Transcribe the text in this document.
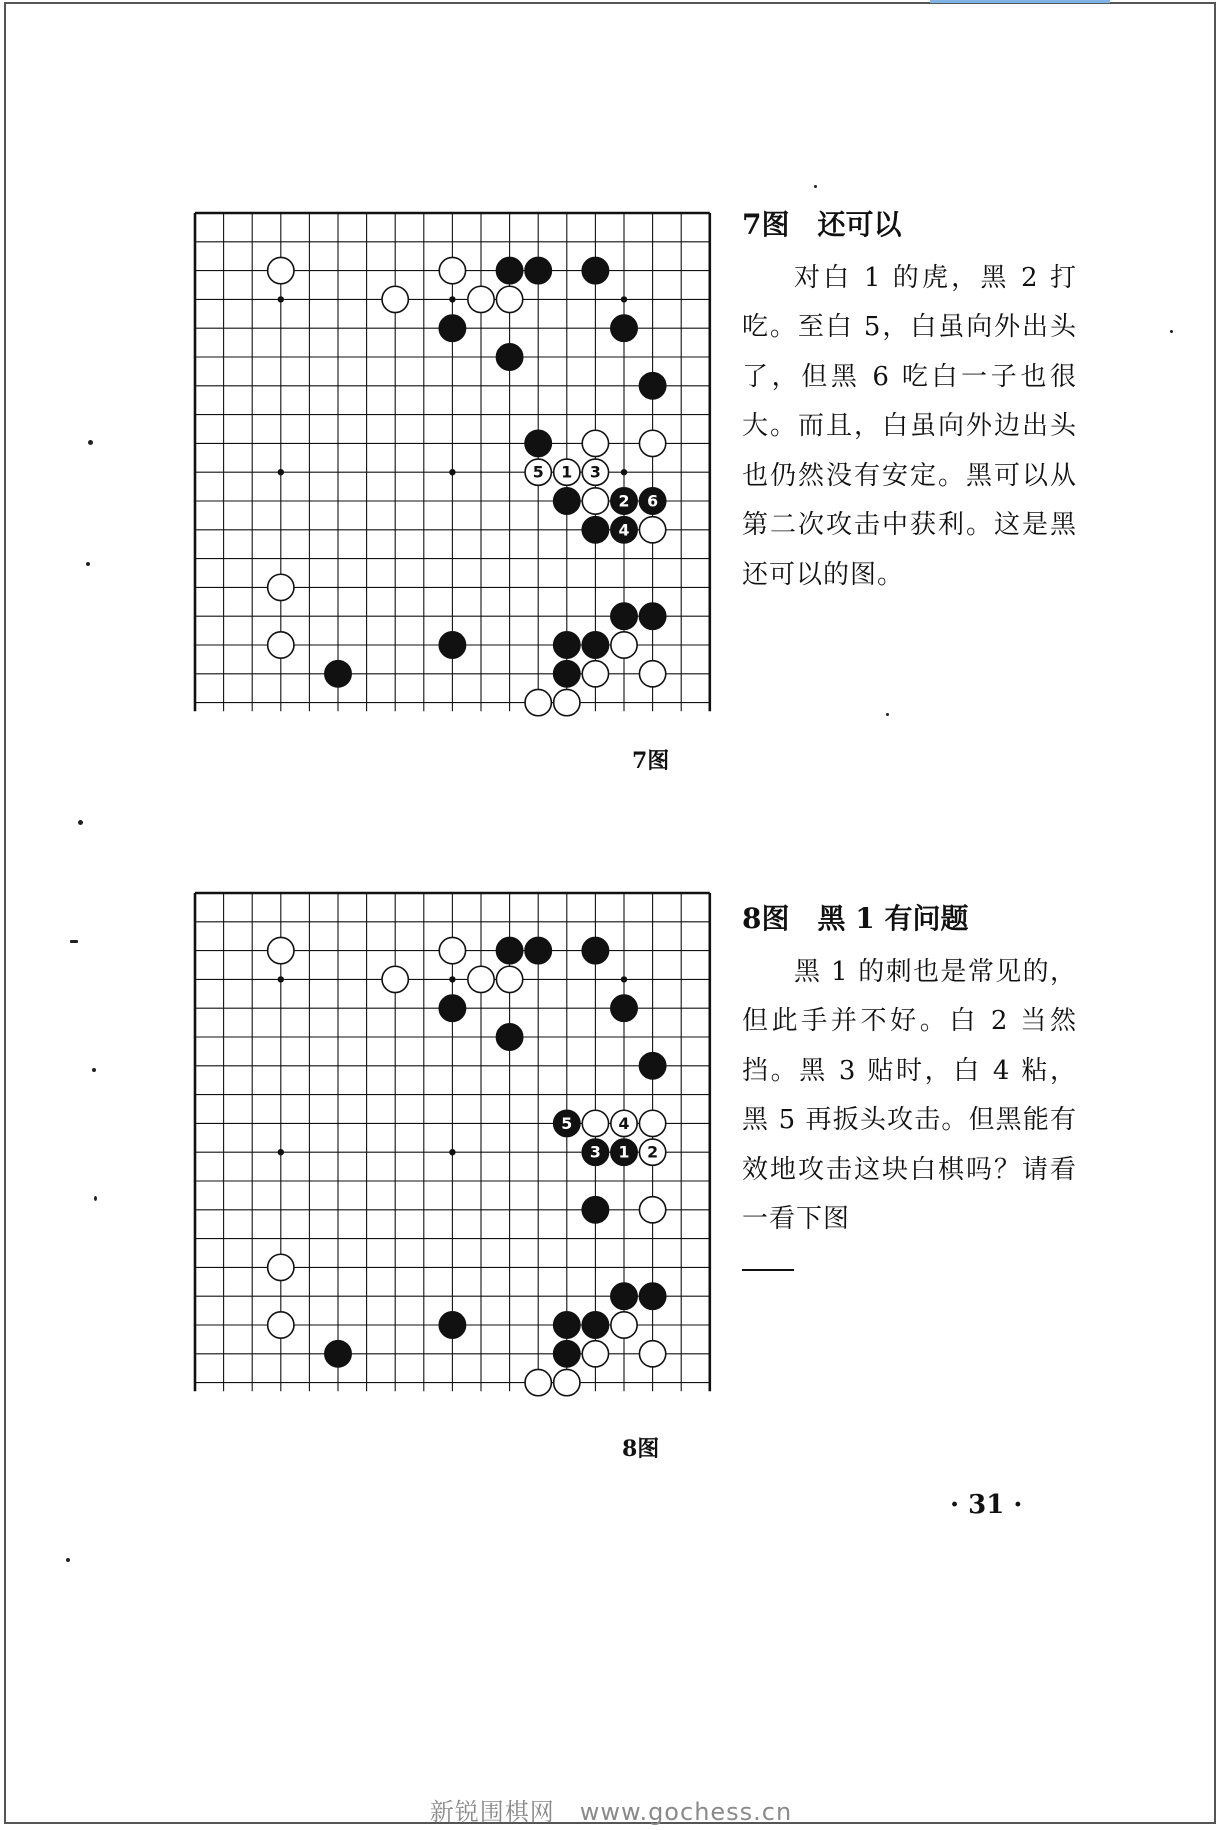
5 1 3
2 6
4
7图
7图　还可以
对白 1 的虎，黑 2 打吃。至白 5，白虽向外出头了，但黑 6 吃白一子也很大。而且，白虽向外边出头也仍然没有安定。黑可以从第二次攻击中获利。这是黑还可以的图。
5	4
3 1 2
8图
8图　黑 1 有问题
黑 1 的刺也是常见的，但此手并不好。白 2 当然挡。黑 3 贴时，白 4 粘，黑 5 再扳头攻击。但黑能有效地攻击这块白棋吗？请看一看下图

· 31 ·
新锐围棋网　www.gochess.cn
